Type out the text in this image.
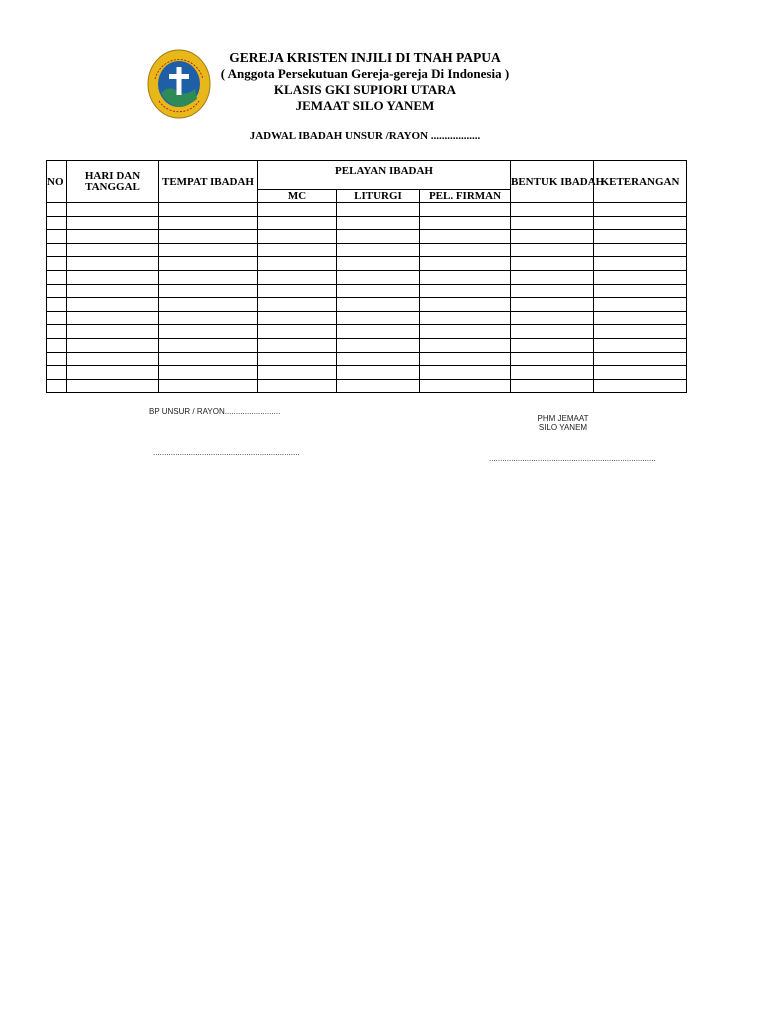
GEREJA KRISTEN INJILI DI TNAH PAPUA
( Anggota Persekutuan Gereja-gereja Di Indonesia )
KLASIS GKI SUPIORI UTARA
JEMAAT SILO YANEM
JADWAL IBADAH UNSUR /RAYON ..................
NO	HARI DAN TANGGAL	TEMPAT IBADAH	PELAYAN IBADAH			BENTUK IBADAH	KETERANGAN
			MC	LITURGI	PEL. FIRMAN		

BP UNSUR / RAYON.........................
..................................................................
PHM JEMAAT
SILO YANEM
...........................................................................
